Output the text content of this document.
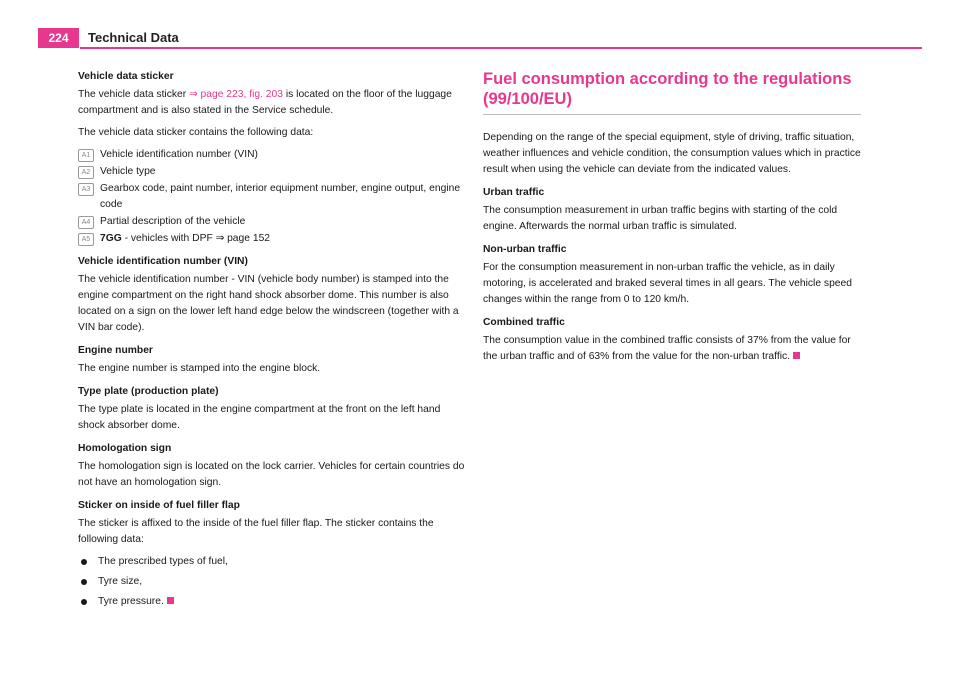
224	Technical Data

Vehicle data sticker

The vehicle data sticker ⇒ page 223, fig. 203 is located on the floor of the luggage compartment and is also stated in the Service schedule.

The vehicle data sticker contains the following data:

A1 Vehicle identification number (VIN)
A2 Vehicle type
A3 Gearbox code, paint number, interior equipment number, engine output, engine code
A4 Partial description of the vehicle
A5 7GG - vehicles with DPF ⇒ page 152

Vehicle identification number (VIN)

The vehicle identification number - VIN (vehicle body number) is stamped into the engine compartment on the right hand shock absorber dome. This number is also located on a sign on the lower left hand edge below the windscreen (together with a VIN bar code).

Engine number

The engine number is stamped into the engine block.

Type plate (production plate)

The type plate is located in the engine compartment at the front on the left hand shock absorber dome.

Homologation sign

The homologation sign is located on the lock carrier. Vehicles for certain countries do not have an homologation sign.

Sticker on inside of fuel filler flap

The sticker is affixed to the inside of the fuel filler flap. The sticker contains the following data:

The prescribed types of fuel,
Tyre size,
Tyre pressure.
Fuel consumption according to the regulations (99/100/EU)

Depending on the range of the special equipment, style of driving, traffic situation, weather influences and vehicle condition, the consumption values which in practice result when using the vehicle can deviate from the indicated values.

Urban traffic

The consumption measurement in urban traffic begins with starting of the cold engine. Afterwards the normal urban traffic is simulated.

Non-urban traffic

For the consumption measurement in non-urban traffic the vehicle, as in daily motoring, is accelerated and braked several times in all gears. The vehicle speed changes within the range from 0 to 120 km/h.

Combined traffic

The consumption value in the combined traffic consists of 37% from the value for the urban traffic and of 63% from the value for the non-urban traffic.
